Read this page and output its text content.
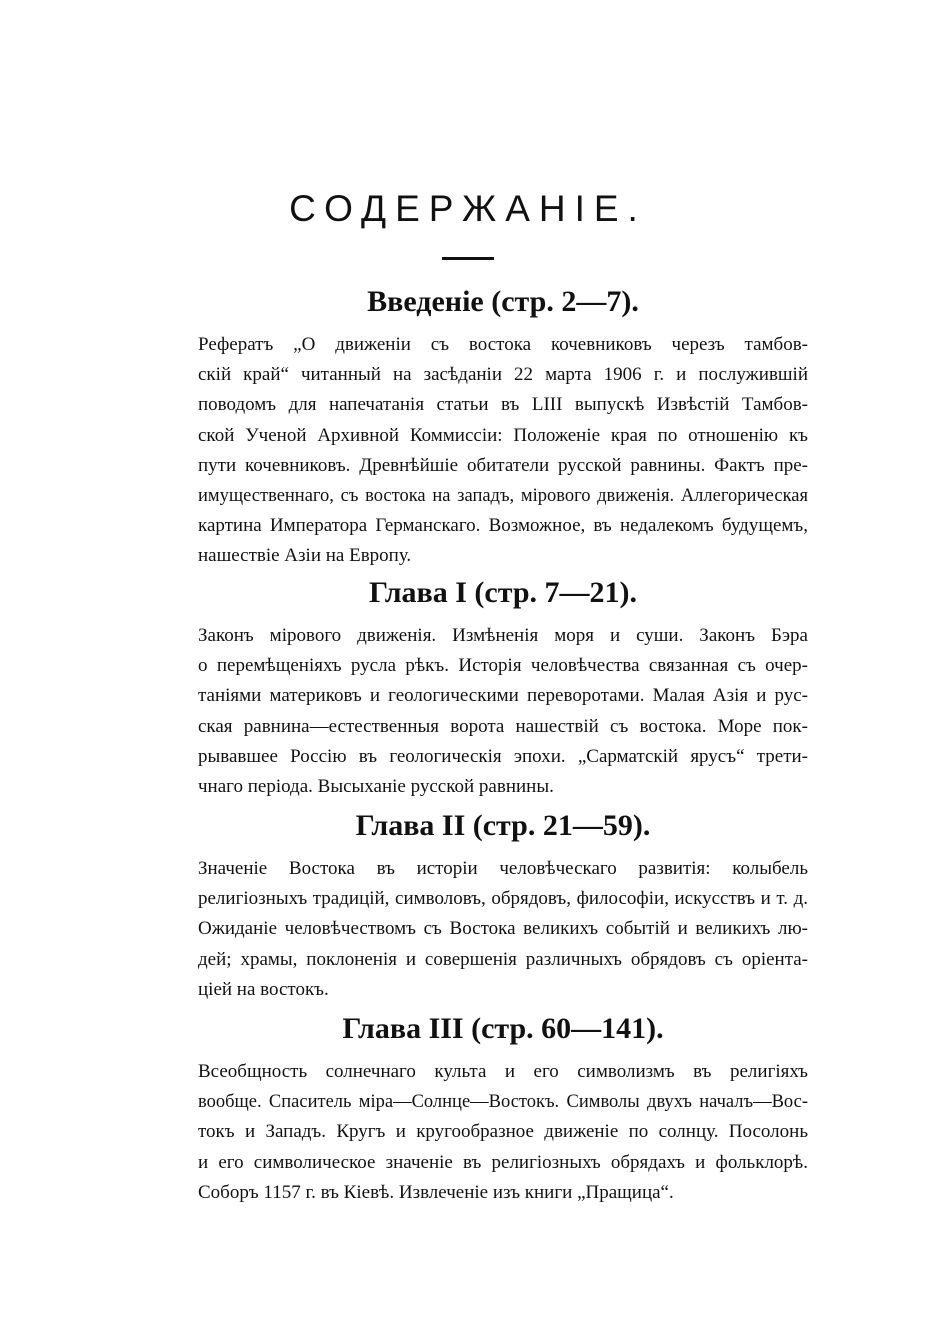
СОДЕРЖАНІЕ.
Введеніе (стр. 2—7).
Рефератъ „О движеніи съ востока кочевниковъ черезъ тамбов-
скій край“ читанный на засѣданіи 22 марта 1906 г. и послужившій
поводомъ для напечатанія статьи въ LIII выпускѣ Извѣстій Тамбов-
ской Ученой Архивной Коммиссіи: Положеніе края по отношенію къ
пути кочевниковъ. Древнѣйшіе обитатели русской равнины. Фактъ пре-
имущественнаго, съ востока на западъ, мірового движенія. Аллегорическая
картина Императора Германскаго. Возможное, въ недалекомъ будущемъ,
нашествіе Азіи на Европу.
Глава I (стр. 7—21).
Законъ мірового движенія. Измѣненія моря и суши. Законъ Бэра
о перемѣщеніяхъ русла рѣкъ. Исторія человѣчества связанная съ очер-
таніями материковъ и геологическими переворотами. Малая Азія и рус-
ская равнина—естественныя ворота нашествій съ востока. Море пок-
рывавшее Россію въ геологическія эпохи. „Сарматскій ярусъ“ трети-
чнаго періода. Высыханіе русской равнины.
Глава II (стр. 21—59).
Значеніе Востока въ исторіи человѣческаго развитія: колыбель
религіозныхъ традицій, символовъ, обрядовъ, философіи, искусствъ и т. д.
Ожиданіе человѣчествомъ съ Востока великихъ событій и великихъ лю-
дей; храмы, поклоненія и совершенія различныхъ обрядовъ съ оріента-
ціей на востокъ.
Глава III (стр. 60—141).
Всеобщность солнечнаго культа и его символизмъ въ религіяхъ
вообще. Спаситель міра—Солнце—Востокъ. Символы двухъ началъ—Вос-
токъ и Западъ. Кругъ и кругообразное движеніе по солнцу. Посолонь
и его символическое значеніе въ религіозныхъ обрядахъ и фольклорѣ.
Соборъ 1157 г. въ Кіевѣ. Извлеченіе изъ книги „Пращица“.
